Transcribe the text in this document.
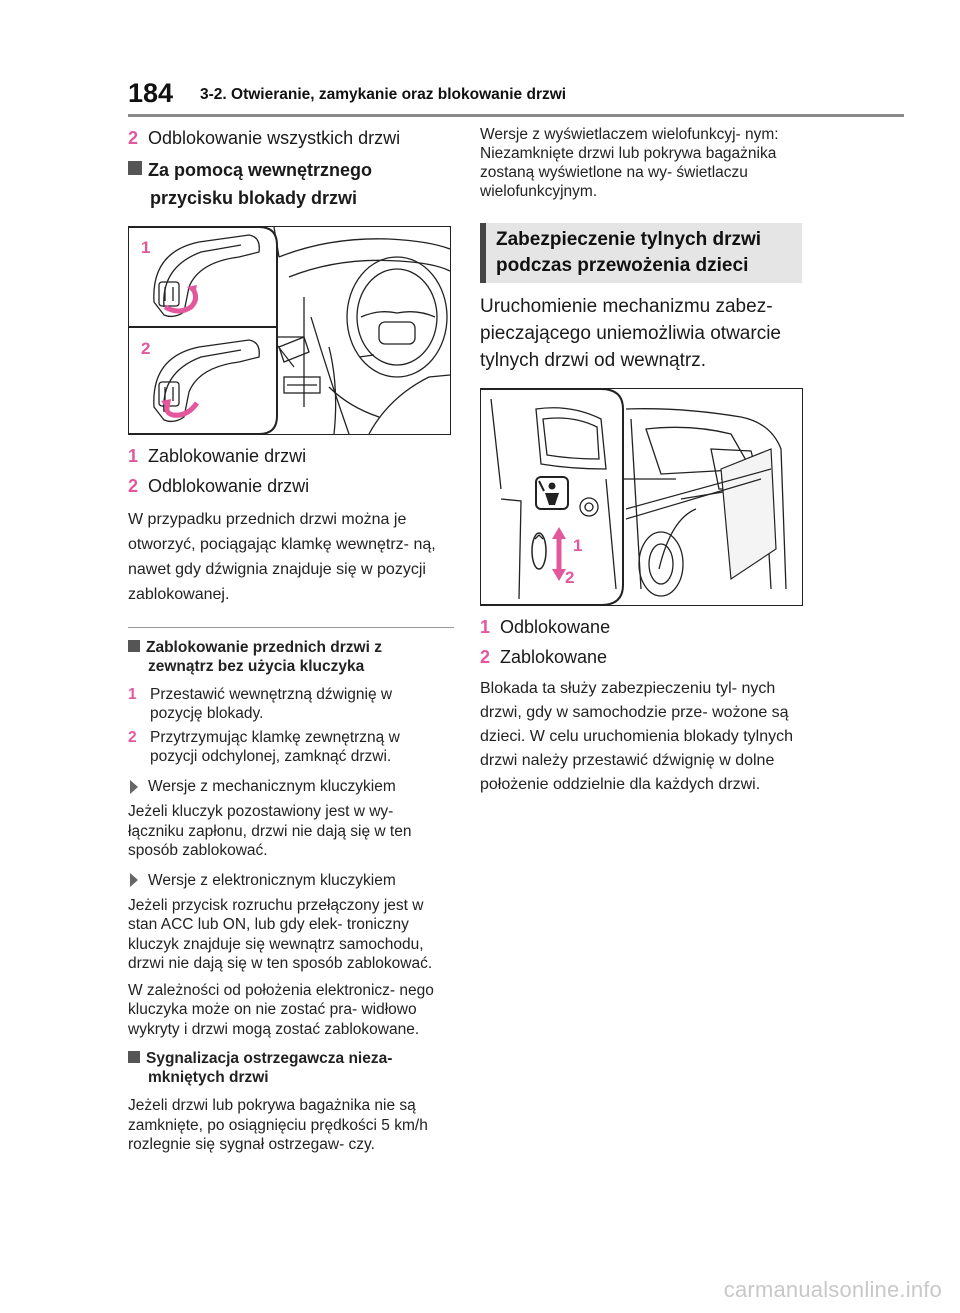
184 3-2. Otwieranie, zamykanie oraz blokowanie drzwi
2 Odblokowanie wszystkich drzwi
Za pomocą wewnętrznego przycisku blokady drzwi
1
2
1 Zablokowanie drzwi
2 Odblokowanie drzwi
W przypadku przednich drzwi można je otworzyć, pociągając klamkę wewnętrz- ną, nawet gdy dźwignia znajduje się w pozycji zablokowanej.
Zablokowanie przednich drzwi z zewnątrz bez użycia kluczyka
1 Przestawić wewnętrzną dźwignię w pozycję blokady.
2 Przytrzymując klamkę zewnętrzną w pozycji odchylonej, zamknąć drzwi.
Wersje z mechanicznym kluczykiem
Jeżeli kluczyk pozostawiony jest w wy- łączniku zapłonu, drzwi nie dają się w ten sposób zablokować.
Wersje z elektronicznym kluczykiem
Jeżeli przycisk rozruchu przełączony jest w stan ACC lub ON, lub gdy elek- troniczny kluczyk znajduje się wewnątrz samochodu, drzwi nie dają się w ten sposób zablokować.
W zależności od położenia elektronicz- nego kluczyka może on nie zostać pra- widłowo wykryty i drzwi mogą zostać zablokowane.
Sygnalizacja ostrzegawcza nieza- mkniętych drzwi
Jeżeli drzwi lub pokrywa bagażnika nie są zamknięte, po osiągnięciu prędkości 5 km/h rozlegnie się sygnał ostrzegaw- czy.
Wersje z wyświetlaczem wielofunkcyj- nym: Niezamknięte drzwi lub pokrywa bagażnika zostaną wyświetlone na wy- świetlaczu wielofunkcyjnym.
Zabezpieczenie tylnych drzwi podczas przewożenia dzieci
Uruchomienie mechanizmu zabez- pieczającego uniemożliwia otwarcie tylnych drzwi od wewnątrz.
1
2
1 Odblokowane
2 Zablokowane
Blokada ta służy zabezpieczeniu tyl- nych drzwi, gdy w samochodzie prze- wożone są dzieci. W celu uruchomienia blokady tylnych drzwi należy przestawić dźwignię w dolne położenie oddzielnie dla każdych drzwi.
carmanualsonline.info
